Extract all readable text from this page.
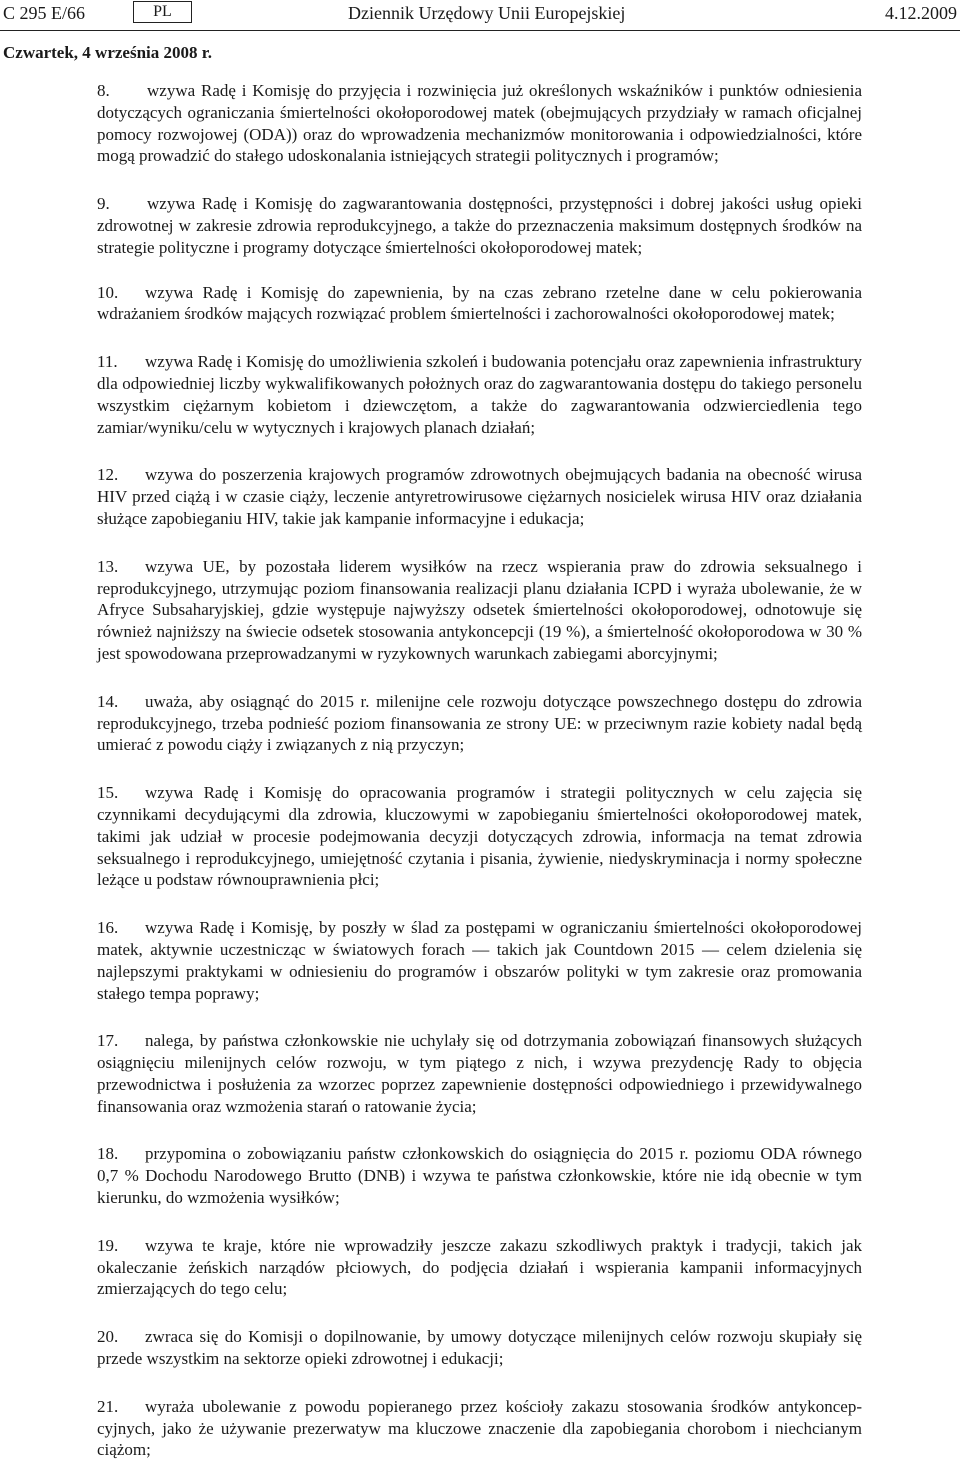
C 295 E/66	PL	Dziennik Urzędowy Unii Europejskiej	4.12.2009
Czwartek, 4 września 2008 r.

8. wzywa Radę i Komisję do przyjęcia i rozwinięcia już określonych wskaźników i punktów odniesienia dotyczących ograniczania śmiertelności okołoporodowej matek (obejmujących przydziały w ramach oficjalnej pomocy rozwojowej (ODA)) oraz do wprowadzenia mechanizmów monitorowania i odpowiedzialności, które mogą prowadzić do stałego udoskonalania istniejących strategii politycznych i programów;

9. wzywa Radę i Komisję do zagwarantowania dostępności, przystępności i dobrej jakości usług opieki zdrowotnej w zakresie zdrowia reprodukcyjnego, a także do przeznaczenia maksimum dostępnych środków na strategie polityczne i programy dotyczące śmiertelności okołoporodowej matek;

10. wzywa Radę i Komisję do zapewnienia, by na czas zebrano rzetelne dane w celu pokierowania wdrażaniem środków mających rozwiązać problem śmiertelności i zachorowalności okołoporodowej matek;

11. wzywa Radę i Komisję do umożliwienia szkoleń i budowania potencjału oraz zapewnienia infrastruktury dla odpowiedniej liczby wykwalifikowanych położnych oraz do zagwarantowania dostępu do takiego personelu wszystkim ciężarnym kobietom i dziewczętom, a także do zagwarantowania odzwierciedlenia tego zamiar/wyniku/celu w wytycznych i krajowych planach działań;

12. wzywa do poszerzenia krajowych programów zdrowotnych obejmujących badania na obecność wirusa HIV przed ciążą i w czasie ciąży, leczenie antyretrowirusowe ciężarnych nosicielek wirusa HIV oraz działania służące zapobieganiu HIV, takie jak kampanie informacyjne i edukacja;

13. wzywa UE, by pozostała liderem wysiłków na rzecz wspierania praw do zdrowia seksualnego i reprodukcyjnego, utrzymując poziom finansowania realizacji planu działania ICPD i wyraża ubolewanie, że w Afryce Subsaharyjskiej, gdzie występuje najwyższy odsetek śmiertelności okołoporodowej, odnotowuje się również najniższy na świecie odsetek stosowania antykoncepcji (19 %), a śmiertelność okołoporodowa w 30 % jest spowodowana przeprowadzanymi w ryzykownych warunkach zabiegami aborcyjnymi;

14. uważa, aby osiągnąć do 2015 r. milenijne cele rozwoju dotyczące powszechnego dostępu do zdrowia reprodukcyjnego, trzeba podnieść poziom finansowania ze strony UE: w przeciwnym razie kobiety nadal będą umierać z powodu ciąży i związanych z nią przyczyn;

15. wzywa Radę i Komisję do opracowania programów i strategii politycznych w celu zajęcia się czynnikami decydującymi dla zdrowia, kluczowymi w zapobieganiu śmiertelności okołoporodowej matek, takimi jak udział w procesie podejmowania decyzji dotyczących zdrowia, informacja na temat zdrowia seksualnego i reprodukcyjnego, umiejętność czytania i pisania, żywienie, niedyskryminacja i normy społeczne leżące u podstaw równouprawnienia płci;

16. wzywa Radę i Komisję, by poszły w ślad za postępami w ograniczaniu śmiertelności okołoporodowej matek, aktywnie uczestnicząc w światowych forach — takich jak Countdown 2015 — celem dzielenia się najlepszymi praktykami w odniesieniu do programów i obszarów polityki w tym zakresie oraz promowania stałego tempa poprawy;

17. nalega, by państwa członkowskie nie uchylały się od dotrzymania zobowiązań finansowych służących osiągnięciu milenijnych celów rozwoju, w tym piątego z nich, i wzywa prezydencję Rady to objęcia przewodnictwa i posłużenia za wzorzec poprzez zapewnienie dostępności odpowiedniego i przewidywalnego finansowania oraz wzmożenia starań o ratowanie życia;

18. przypomina o zobowiązaniu państw członkowskich do osiągnięcia do 2015 r. poziomu ODA równego 0,7 % Dochodu Narodowego Brutto (DNB) i wzywa te państwa członkowskie, które nie idą obecnie w tym kierunku, do wzmożenia wysiłków;

19. wzywa te kraje, które nie wprowadziły jeszcze zakazu szkodliwych praktyk i tradycji, takich jak okaleczanie żeńskich narządów płciowych, do podjęcia działań i wspierania kampanii informacyjnych zmierzających do tego celu;

20. zwraca się do Komisji o dopilnowanie, by umowy dotyczące milenijnych celów rozwoju skupiały się przede wszystkim na sektorze opieki zdrowotnej i edukacji;

21. wyraża ubolewanie z powodu popieranego przez kościoły zakazu stosowania środków antykoncepcyjnych, jako że używanie prezerwatyw ma kluczowe znaczenie dla zapobiegania chorobom i niechcianym ciążom;
